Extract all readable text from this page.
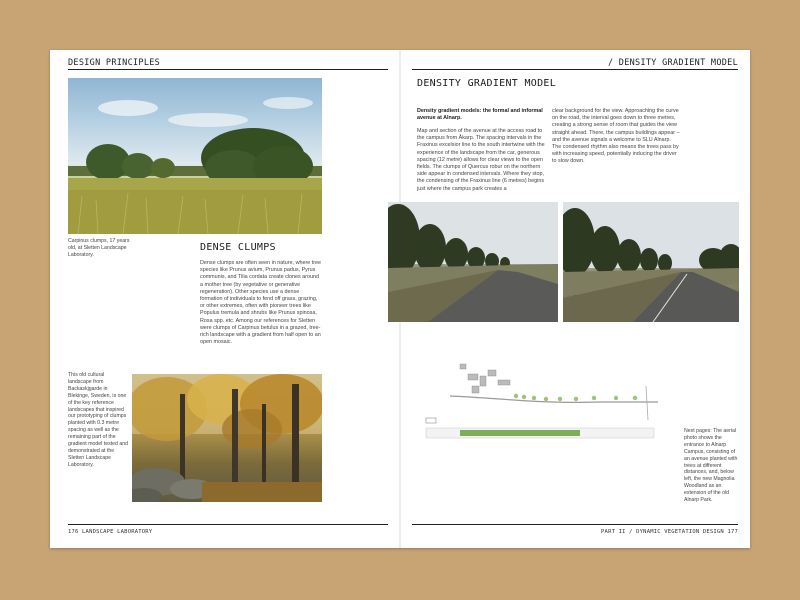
DESIGN PRINCIPLES
Carpinus clumps, 17 years old, at Sletten Landscape Laboratory.
DENSE CLUMPS
Dense clumps are often seen in nature, where tree species like Prunus avium, Prunus padus, Pyrus communis, and Tilia cordata create clones around a mother tree (by vegetative or generative regeneration). Other species use a dense formation of individuals to fend off grass, grazing, or other extremes, often with pioneer trees like Populus tremula and shrubs like Prunus spinosa, Rosa spp. etc. Among our references for Sletten were clumps of Carpinus betulus in a grazed, tree-rich landscape with a gradient from half open to an open mosaic.
This old cultural landscape from Backaskjgarde in Blekinge, Sweden, is one of the key reference landscapes that inspired our prototyping of clumps planted with 0.3 metre spacing as well as the remaining part of the gradient model tested and demonstrated at the Sletten Landscape Laboratory.
176 LANDSCAPE LABORATORY
/ DENSITY GRADIENT MODEL
DENSITY GRADIENT MODEL
Density gradient models: the formal and informal avenue at Alnarp.
Map and section of the avenue at the access road to the campus from Åkarp. The spacing intervals in the Fraxinus excelsior line to the south intertwine with the experience of the landscape from the car, generous spacing (12 metre) allows for clear views to the open fields. The clumps of Quercus robur on the northern side appear in condensed intervals. Where they stop, the condensing of the Fraxinus line (6 metres) begins just where the campus park creates a
clear background for the view. Approaching the curve on the road, the interval goes down to three metres, creating a strong sense of room that guides the view straight ahead. There, the campus buildings appear – and the avenue signals a welcome to SLU Alnarp. The condensed rhythm also means the trees pass by with increasing speed, potentially inducing the driver to slow down.
Next pages: The aerial photo shows the entrance to Alnarp Campus, consisting of an avenue planted with trees at different distances, and, below left, the new Magnolia Woodland as an extension of the old Alnarp Park.
PART II / DYNAMIC VEGETATION DESIGN 177
